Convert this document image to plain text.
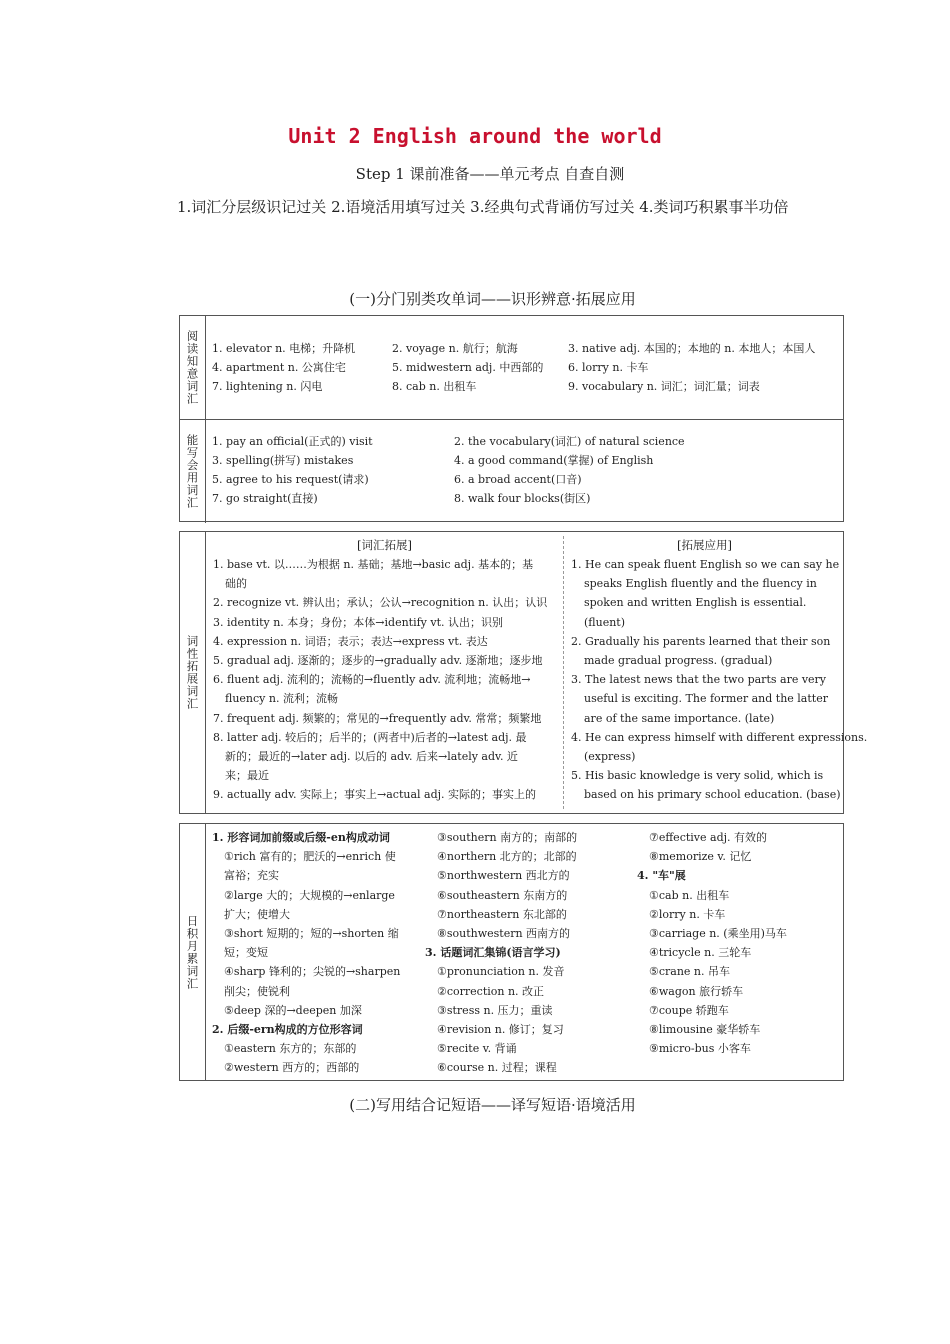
Unit 2 English around the world
Step 1 课前准备——单元考点 自查自测
1.词汇分层级识记过关 2.语境活用填写过关 3.经典句式背诵仿写过关 4.类词巧积累事半功倍
(一)分门别类攻单词——识形辨意·拓展应用
阅读知意词汇
能写会用词汇
1. elevator n. 电梯；升降机	2. voyage n. 航行；航海	3. native adj. 本国的；本地的 n. 本地人；本国人
4. apartment n. 公寓住宅	5. midwestern adj. 中西部的 6. lorry n. 卡车
7. lightening n. 闪电	8. cab n. 出租车	9. vocabulary n. 词汇；词汇量；词表
1. pay an official(正式的) visit	2. the vocabulary(词汇) of natural science
3. spelling(拼写) mistakes	4. a good command(掌握) of English
5. agree to his request(请求)	6. a broad accent(口音)
7. go straight(直接)	8. walk four blocks(街区)
词性拓展词汇
[词汇拓展]	[拓展应用]
1. base vt. 以……为根据 n. 基础；基地→basic adj. 基本的；基
础的
2. recognize vt. 辨认出；承认；公认→recognition n. 认出；认识
3. identity n. 本身；身份；本体→identify vt. 认出；识别
4. expression n. 词语；表示；表达→express vt. 表达
5. gradual adj. 逐渐的；逐步的→gradually adv. 逐渐地；逐步地
6. fluent adj. 流利的；流畅的→fluently adv. 流利地；流畅地→
fluency n. 流利；流畅
7. frequent adj. 频繁的；常见的→frequently adv. 常常；频繁地
8. latter adj. 较后的；后半的；(两者中)后者的→latest adj. 最
新的；最近的→later adj. 以后的 adv. 后来→lately adv. 近
来；最近
9. actually adv. 实际上；事实上→actual adj. 实际的；事实上的
1. He can speak fluent English so we can say he
speaks English fluently and the fluency in
spoken and written English is essential.
(fluent)
2. Gradually his parents learned that their son
made gradual progress. (gradual)
3. The latest news that the two parts are very
useful is exciting. The former and the latter
are of the same importance. (late)
4. He can express himself with different expressions.
(express)
5. His basic knowledge is very solid, which is
based on his primary school education. (base)
日积月累词汇
1. 形容词加前缀或后缀-en构成动词
①rich 富有的；肥沃的→enrich 使
富裕；充实
②large 大的；大规模的→enlarge
扩大；使增大
③short 短期的；短的→shorten 缩
短；变短
④sharp 锋利的；尖锐的→sharpen
削尖；使锐利
⑤deep 深的→deepen 加深
2. 后缀-ern构成的方位形容词
①eastern 东方的；东部的
②western 西方的；西部的
③southern 南方的；南部的
④northern 北方的；北部的
⑤northwestern 西北方的
⑥southeastern 东南方的
⑦northeastern 东北部的
⑧southwestern 西南方的
3. 话题词汇集锦(语言学习)
①pronunciation n. 发音
②correction n. 改正
③stress n. 压力；重读
④revision n. 修订；复习
⑤recite v. 背诵
⑥course n. 过程；课程
⑦effective adj. 有效的
⑧memorize v. 记忆
4. "车"展
①cab n. 出租车
②lorry n. 卡车
③carriage n. (乘坐用)马车
④tricycle n. 三轮车
⑤crane n. 吊车
⑥wagon 旅行轿车
⑦coupe 轿跑车
⑧limousine 豪华轿车
⑨micro-bus 小客车
(二)写用结合记短语——译写短语·语境活用
